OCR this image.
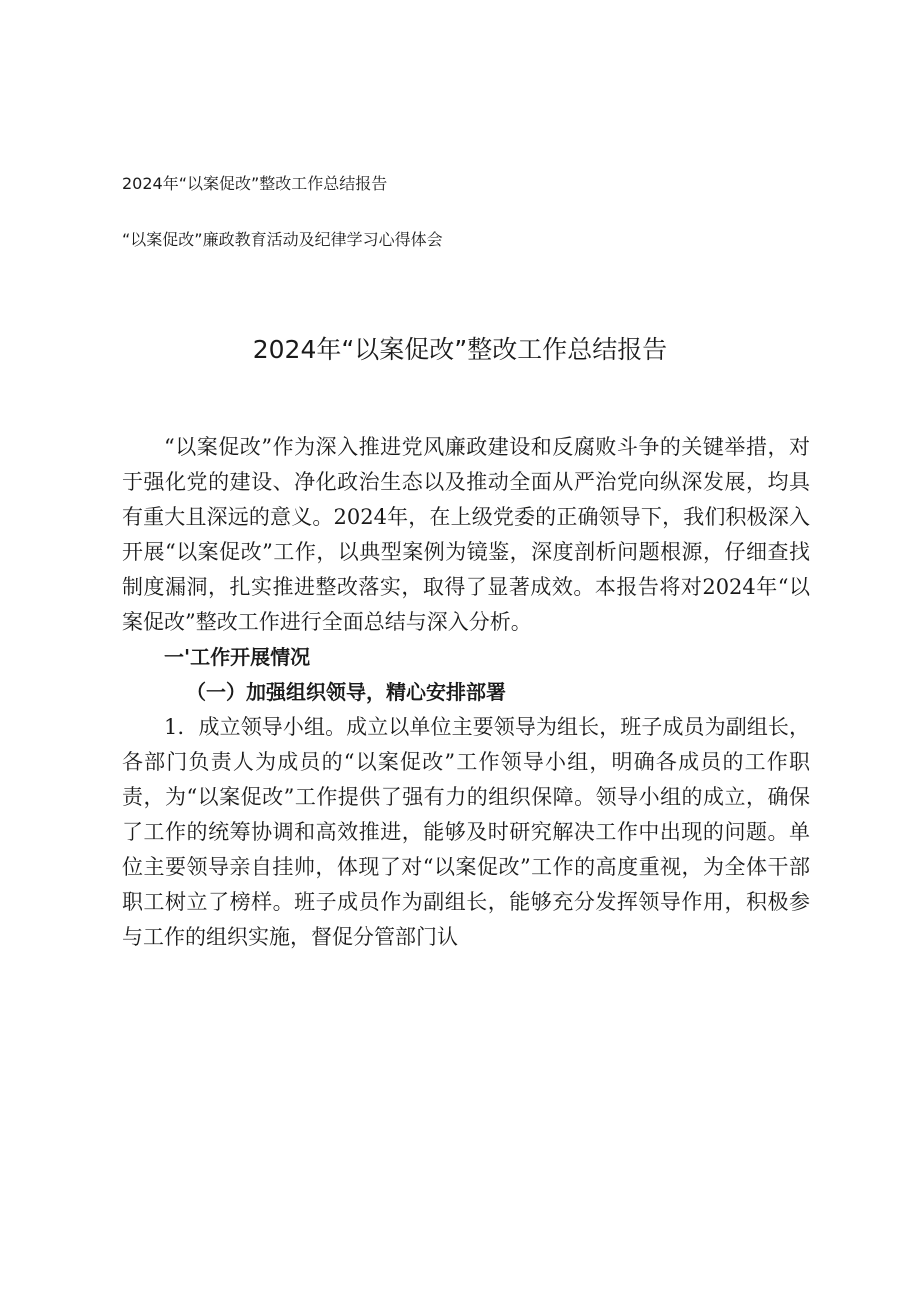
2024年“以案促改”整改工作总结报告
“以案促改”廉政教育活动及纪律学习心得体会
2024年“以案促改”整改工作总结报告

“以案促改”作为深入推进党风廉政建设和反腐败斗争的关键举措，对于强化党的建设、净化政治生态以及推动全面从严治党向纵深发展，均具有重大且深远的意义。2024年，在上级党委的正确领导下，我们积极深入开展“以案促改”工作，以典型案例为镜鉴，深度剖析问题根源，仔细查找制度漏洞，扎实推进整改落实，取得了显著成效。本报告将对2024年“以案促改”整改工作进行全面总结与深入分析。

一'工作开展情况

（一）加强组织领导，精心安排部署

1．成立领导小组。成立以单位主要领导为组长，班子成员为副组长，各部门负责人为成员的“以案促改”工作领导小组，明确各成员的工作职责，为“以案促改”工作提供了强有力的组织保障。领导小组的成立，确保了工作的统筹协调和高效推进，能够及时研究解决工作中出现的问题。单位主要领导亲自挂帅，体现了对“以案促改”工作的高度重视，为全体干部职工树立了榜样。班子成员作为副组长，能够充分发挥领导作用，积极参与工作的组织实施，督促分管部门认
